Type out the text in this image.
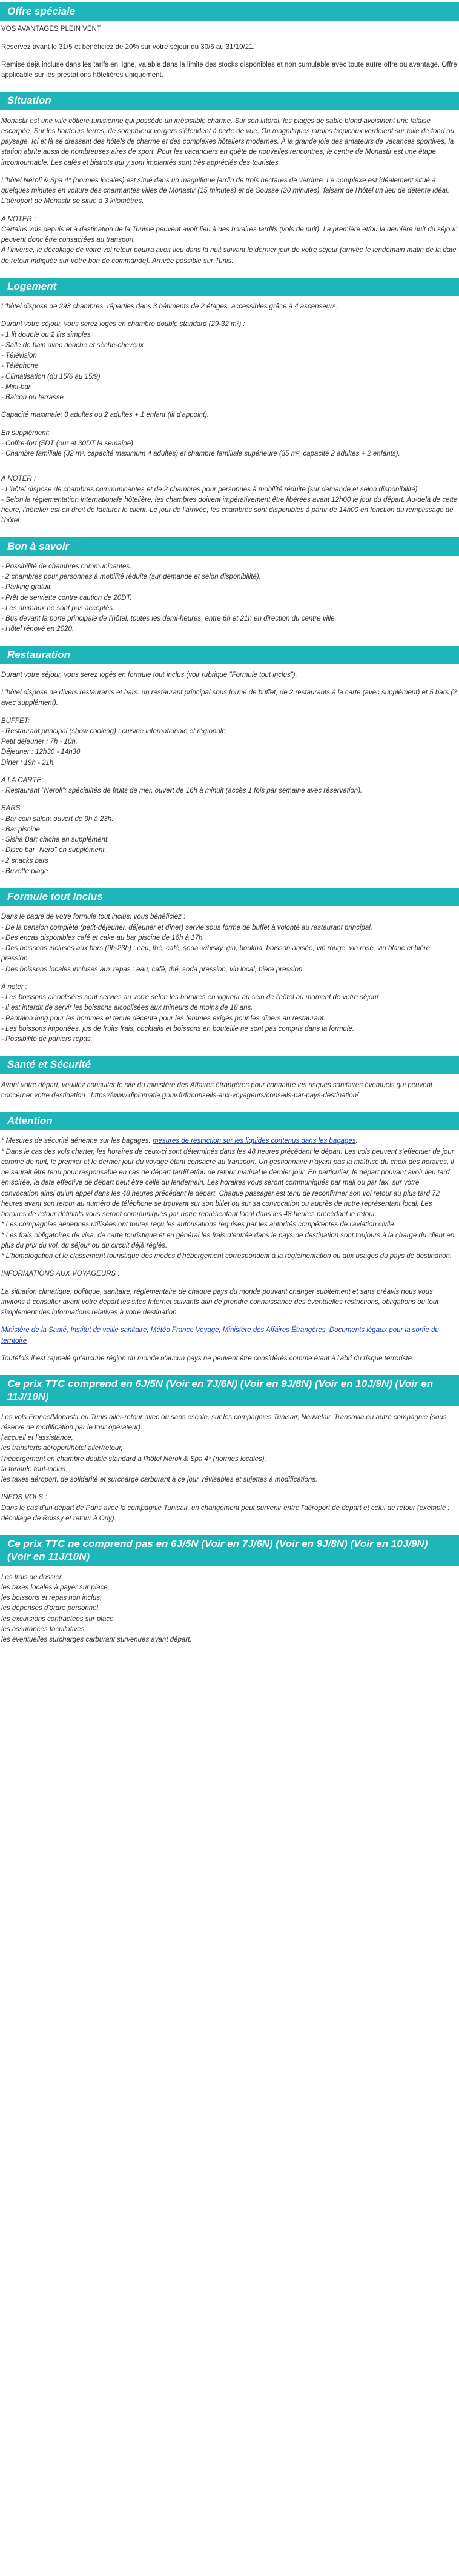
Offre spéciale

VOS AVANTAGES PLEIN VENT

Réservez avant le 31/5 et bénéficiez de 20% sur votre séjour du 30/6 au 31/10/21.

Remise déjà incluse dans les tarifs en ligne, valable dans la limite des stocks disponibles et non cumulable avec toute autre offre ou avantage. Offre applicable sur les prestations hôtelières uniquement.

Situation

Monastir est une ville côtière tunisienne qui possède un irrésistible charme. Sur son littoral, les plages de sable blond avoisinent une falaise escarpée. Sur les hauteurs terres, de somptueux vergers s'étendent à perte de vue. Ou magnifiques jardins tropicaux verdoient sur toile de fond au paysage. Ici et là se dressent des hôtels de charme et des complexes hôteliers modernes. À la grande joie des amateurs de vacances sportives, la station abrite aussi de nombreuses aires de sport. Pour les vacanciers en quête de nouvelles rencontres, le centre de Monastir est une étape incontournable. Les cafés et bistrots qui y sont implantés sont très appréciés des touristes.

L'hôtel Néroli & Spa 4* (normes locales) est situé dans un magnifique jardin de trois hectares de verdure. Le complexe est idéalement situé à quelques minutes en voiture des charmantes villes de Monastir (15 minutes) et de Sousse (20 minutes), faisant de l'hôtel un lieu de détente idéal.
L'aéroport de Monastir se situe à 3 kilomètres.

A NOTER :
Certains vols depuis et à destination de la Tunisie peuvent avoir lieu à des horaires tardifs (vols de nuit). La première et/ou la dernière nuit du séjour peuvent donc être consacrées au transport.
A l'inverse, le décollage de votre vol retour pourra avoir lieu dans la nuit suivant le dernier jour de votre séjour (arrivée le lendemain matin de la date de retour indiquée sur votre bon de commande). Arrivée possible sur Tunis.

Logement

L'hôtel dispose de 293 chambres, réparties dans 3 bâtiments de 2 étages, accessibles grâce à 4 ascenseurs.

Durant votre séjour, vous serez logés en chambre double standard (29-32 m²) :
- 1 lit double ou 2 lits simples
- Salle de bain avec douche et sèche-cheveux
- Télévision
- Téléphone
- Climatisation (du 15/6 au 15/9)
- Mini-bar
- Balcon ou terrasse

Capacité maximale: 3 adultes ou 2 adultes + 1 enfant (lit d'appoint).

En supplément:
- Coffre-fort (5DT (our et 30DT la semaine).
- Chambre familiale (32 m², capacité maximum 4 adultes) et chambre familiale supérieure (35 m², capacité 2 adultes + 2 enfants).

A NOTER :
- L'hôtel dispose de chambres communicantes et de 2 chambres pour personnes à mobilité réduite (sur demande et selon disponibilité).
- Selon la réglementation internationale hôtelière, les chambres doivent impérativement être libérées avant 12h00 le jour du départ. Au-delà de cette heure, l'hôtelier est en droit de facturer le client. Le jour de l'arrivée, les chambres sont disponibles à partir de 14h00 en fonction du remplissage de l'hôtel.

Bon à savoir

- Possibilité de chambres communicantes.

- 2 chambres pour personnes à mobilité réduite (sur demande et selon disponibilité).

- Parking gratuit.

- Prêt de serviette contre caution de 20DT.

- Les animaux ne sont pas acceptés.

- Bus devant la porte principale de l'hôtel, toutes les demi-heures, entre 6h et 21h en direction du centre ville.

- Hôtel rénové en 2020.

Restauration

Durant votre séjour, vous serez logés en formule tout inclus (voir rubrique "Formule tout inclus").

L'hôtel dispose de divers restaurants et bars: un restaurant principal sous forme de buffet, de 2 restaurants à la carte (avec supplément) et 5 bars (2 avec supplément).

BUFFET:
- Restaurant principal (show cooking) : cuisine internationale et régionale.
Petit déjeuner : 7h - 10h.
Déjeuner : 12h30 - 14h30.
Dîner : 19h - 21h.

A LA CARTE:
- Restaurant "Neroli": spécialités de fruits de mer, ouvert de 16h à minuit (accès 1 fois par semaine avec réservation).

BARS
- Bar coin salon: ouvert de 9h à 23h.
- Bar piscine
- Sisha Bar: chicha en supplément.
- Disco bar "Nero" en supplément.
- 2 snacks bars
- Buvette plage

Formule tout inclus

Dans le cadre de votre formule tout inclus, vous bénéficiez :
- De la pension complète (petit-déjeuner, déjeuner et dîner) servie sous forme de buffet à volonté au restaurant principal.
- Des encas disponibles café et cake au bar piscine de 16h à 17h.
- Des boissons incluses aux bars (9h-23h) : eau, thé, café, soda, whisky, gin, boukha, boisson anisée, vin rouge, vin rosé, vin blanc et bière pression.
- Des boissons locales incluses aux repas : eau, café, thé, soda pression, vin local, bière pression.

A noter :
- Les boissons alcoolisées sont servies au verre selon les horaires en vigueur au sein de l'hôtel au moment de votre séjour
- Il est interdit de servir les boissons alcoolisées aux mineurs de moins de 18 ans.
- Pantalon long pour les hommes et tenue décente pour les femmes exigés pour les dîners au restaurant.
- Les boissons importées, jus de fruits frais, cocktails et boissons en bouteille ne sont pas compris dans la formule.
- Possibilité de paniers repas.

Santé et Sécurité

Avant votre départ, veuillez consulter le site du ministère des Affaires étrangères pour connaître les risques sanitaires éventuels qui peuvent concerner votre destination : https://www.diplomatie.gouv.fr/fr/conseils-aux-voyageurs/conseils-par-pays-destination/

Attention

* Mesures de sécurité aérienne sur les bagages: mesures de restriction sur les liquides contenus dans les bagages.
* Dans le cas des vols charter, les horaires de ceux-ci sont déterminés dans les 48 heures précédant le départ. Les vols peuvent s'effectuer de jour comme de nuit, le premier et le dernier jour du voyage étant consacré au transport. Un gestionnaire n'ayant pas la maîtrise du choix des horaires, il ne saurait être tenu pour responsable en cas de départ tardif et/ou de retour matinal le dernier jour. En particulier, le départ pouvant avoir lieu tard en soirée, la date effective de départ peut être celle du lendemain. Les horaires vous seront communiqués par mail ou par fax, sur votre convocation ainsi qu'un appel dans les 48 heures précédant le départ. Chaque passager est tenu de reconfirmer son vol retour au plus tard 72 heures avant son retour au numéro de téléphone se trouvant sur son billet ou sur sa convocation ou auprès de notre représentant local. Les horaires de retour définitifs vous seront communiqués par notre représentant local dans les 48 heures précédant le retour.
* Les compagnies aériennes utilisées ont toutes reçu les autorisations requises par les autorités compétentes de l'aviation civile.
* Les frais obligatoires de visa, de carte touristique et en général les frais d'entrée dans le pays de destination sont toujours à la charge du client en plus du prix du vol, du séjour ou du circuit déjà réglés.
* L'homologation et le classement touristique des modes d'hébergement correspondent à la réglementation ou aux usages du pays de destination.

INFORMATIONS AUX VOYAGEURS :

La situation climatique, politique, sanitaire, réglementaire de chaque pays du monde pouvant changer subitement et sans préavis nous vous invitons à consulter avant votre départ les sites Internet suivants afin de prendre connaissance des éventuelles restrictions, obligations ou tout simplement des informations relatives à votre destination.

Ministère de la Santé, Institut de veille sanitaire, Météo France Voyage, Ministère des Affaires Étrangères, Documents légaux pour la sortie du territoire

Toutefois il est rappelé qu'aucune région du monde n'aucun pays ne peuvent être considérés comme étant à l'abri du risque terroriste.

Ce prix TTC comprend en 6J/5N (Voir en 7J/6N) (Voir en 9J/8N) (Voir en 10J/9N) (Voir en 11J/10N)

Les vols France/Monastir ou Tunis aller-retour avec ou sans escale, sur les compagnies Tunisair, Nouvelair, Transavia ou autre compagnie (sous réserve de modification par le tour opérateur).

l'accueil et l'assistance,

les transferts aéroport/hôtel aller/retour,

l'hébergement en chambre double standard à l'hôtel Néroli & Spa 4* (normes locales),

la formule tout-inclus.

les taxes aéroport, de solidarité et surcharge carburant à ce jour, révisables et sujettes à modifications.

INFOS VOLS :

Dans le cas d'un départ de Paris avec la compagnie Tunisair, un changement peut survenir entre l'aéroport de départ et celui de retour (exemple : décollage de Roissy et retour à Orly).

Ce prix TTC ne comprend pas en 6J/5N (Voir en 7J/6N) (Voir en 9J/8N) (Voir en 10J/9N) (Voir en 11J/10N)

Les frais de dossier,

les taxes locales à payer sur place,

les boissons et repas non inclus,

les dépenses d'ordre personnel,

les excursions contractées sur place,

les assurances facultatives.

les éventuelles surcharges carburant survenues avant départ.
